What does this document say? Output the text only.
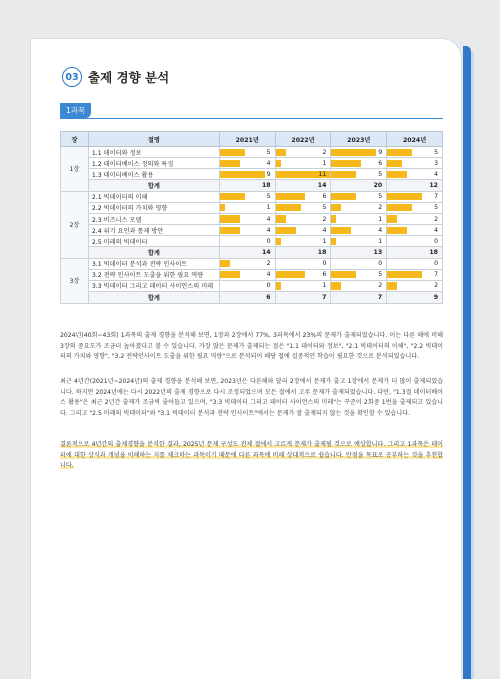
03 출제 경향 분석
1과목
장	절명	2021년	2022년	2023년	2024년
1장	1.1 데이터와 정보	5	2	9	5

	1.2 데이터베이스 정의와 특징	4	1	6	3

	1.3 데이터베이스 활용	9	11	5	4

	합계	18	14	20	12
2장	2.1 빅데이터의 이해	5	6	5	7

	2.2 빅데이터의 가치와 영향	1	5	2	5

	2.3 비즈니스 모델	4	2	1	2

	2.4 위기 요인과 통제 방안	4	4	4	4

	2.5 미래의 빅데이터	0	1	1	0

	합계	14	18	13	18
3장	3.1 빅데이터 분석과 전략 인사이트	2	0	0	0

	3.2 전략 인사이트 도출을 위한 필요 역량	4	6	5	7

	3.3 빅데이터 그리고 데이터 사이언스의 미래	0	1	2	2

	합계	6	7	7	9
2024년(40회~43회) 1과목의 출제 경향을 분석해 보면, 1장과 2장에서 77%, 3과목에서 23%의 문제가 출제되었습니다. 이는 다른 해에 비해 3장의 중요도가 조금더 높아졌다고 볼 수 있습니다. 가장 많은 문제가 출제되는 절은 "1.1 데이터와 정보", "2.1 빅데이터의 이해", "2.2 빅데이터의 가치와 영향", "3.2 전략인사이트 도출을 위한 필요 역량"으로 분석되어 해당 절에 집중적인 학습이 필요한 것으로 분석되었습니다.
최근 4년간(2021년~2024년)의 출제 경향을 분석해 보면, 2023년은 다른해와 달리 2장에서 문제가 출고 1장에서 문제가 더 많이 출제되었습니다. 하지만 2024년에는 다시 2022년의 출제 경향으로 다시 조정되었으며 모든 절에서 고루 문제가 출제되었습니다. 다만, "1.3절 데이터베이스 활용"은 최근 2년간 출제가 조금씩 줄어들고 있으며, "3.3 빅데이터 그리고 데이터 사이언스의 미래"는 꾸준이 2회중 1번을 출제되고 있습니다. 그리고 "2.5 미래의 빅데이터"와 "3.1 빅데이터 분석과 전략 인사이트"에서는 문제가 잘 출제되지 않는 것을 확인할 수 있습니다.
결론적으로 4년간의 출제경향을 분석한 결과, 2025년 문제 구성도 전체 절에서 고르게 문제가 출제될 것으로 예상합니다. 그리고 1과목은 데이터에 대한 상식과 개념을 이해하는 지를 체크하는 과목이기 때문에 다른 과목에 비해 상대적으로 쉽습니다. 만점을 목표로 공부하는 것을 추천합니다.
